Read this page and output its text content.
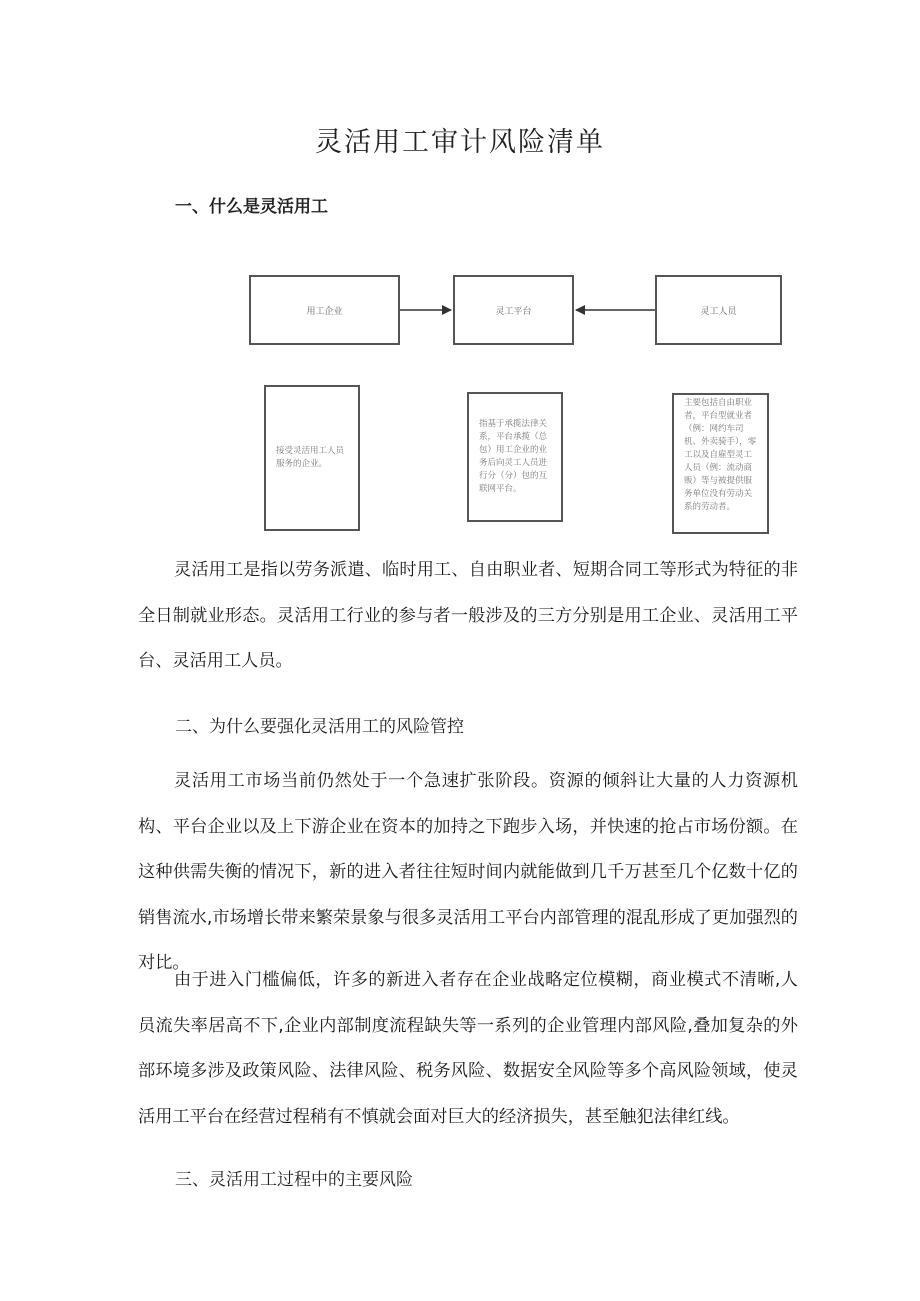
灵活用工审计风险清单
一、什么是灵活用工
用工企业	灵工平台	灵工人员
接受灵活用工人员服务的企业。
指基于承揽法律关系，平台承揽（总包）用工企业的业务后向灵工人员进行分（分）包的互联网平台。
主要包括自由职业者，平台型就业者（例：网约车司机、外卖骑手），零工以及自雇型灵工人员（例：流动商贩）等与被提供服务单位没有劳动关系的劳动者。

灵活用工是指以劳务派遣、临时用工、自由职业者、短期合同工等形式为特征的非全日制就业形态。灵活用工行业的参与者一般涉及的三方分别是用工企业、灵活用工平台、灵活用工人员。

二、为什么要强化灵活用工的风险管控

灵活用工市场当前仍然处于一个急速扩张阶段。资源的倾斜让大量的人力资源机构、平台企业以及上下游企业在资本的加持之下跑步入场，并快速的抢占市场份额。在这种供需失衡的情况下，新的进入者往往短时间内就能做到几千万甚至几个亿数十亿的销售流水,市场增长带来繁荣景象与很多灵活用工平台内部管理的混乱形成了更加强烈的对比。

由于进入门槛偏低，许多的新进入者存在企业战略定位模糊，商业模式不清晰,人员流失率居高不下,企业内部制度流程缺失等一系列的企业管理内部风险,叠加复杂的外部环境多涉及政策风险、法律风险、税务风险、数据安全风险等多个高风险领域，使灵活用工平台在经营过程稍有不慎就会面对巨大的经济损失，甚至触犯法律红线。

三、灵活用工过程中的主要风险
